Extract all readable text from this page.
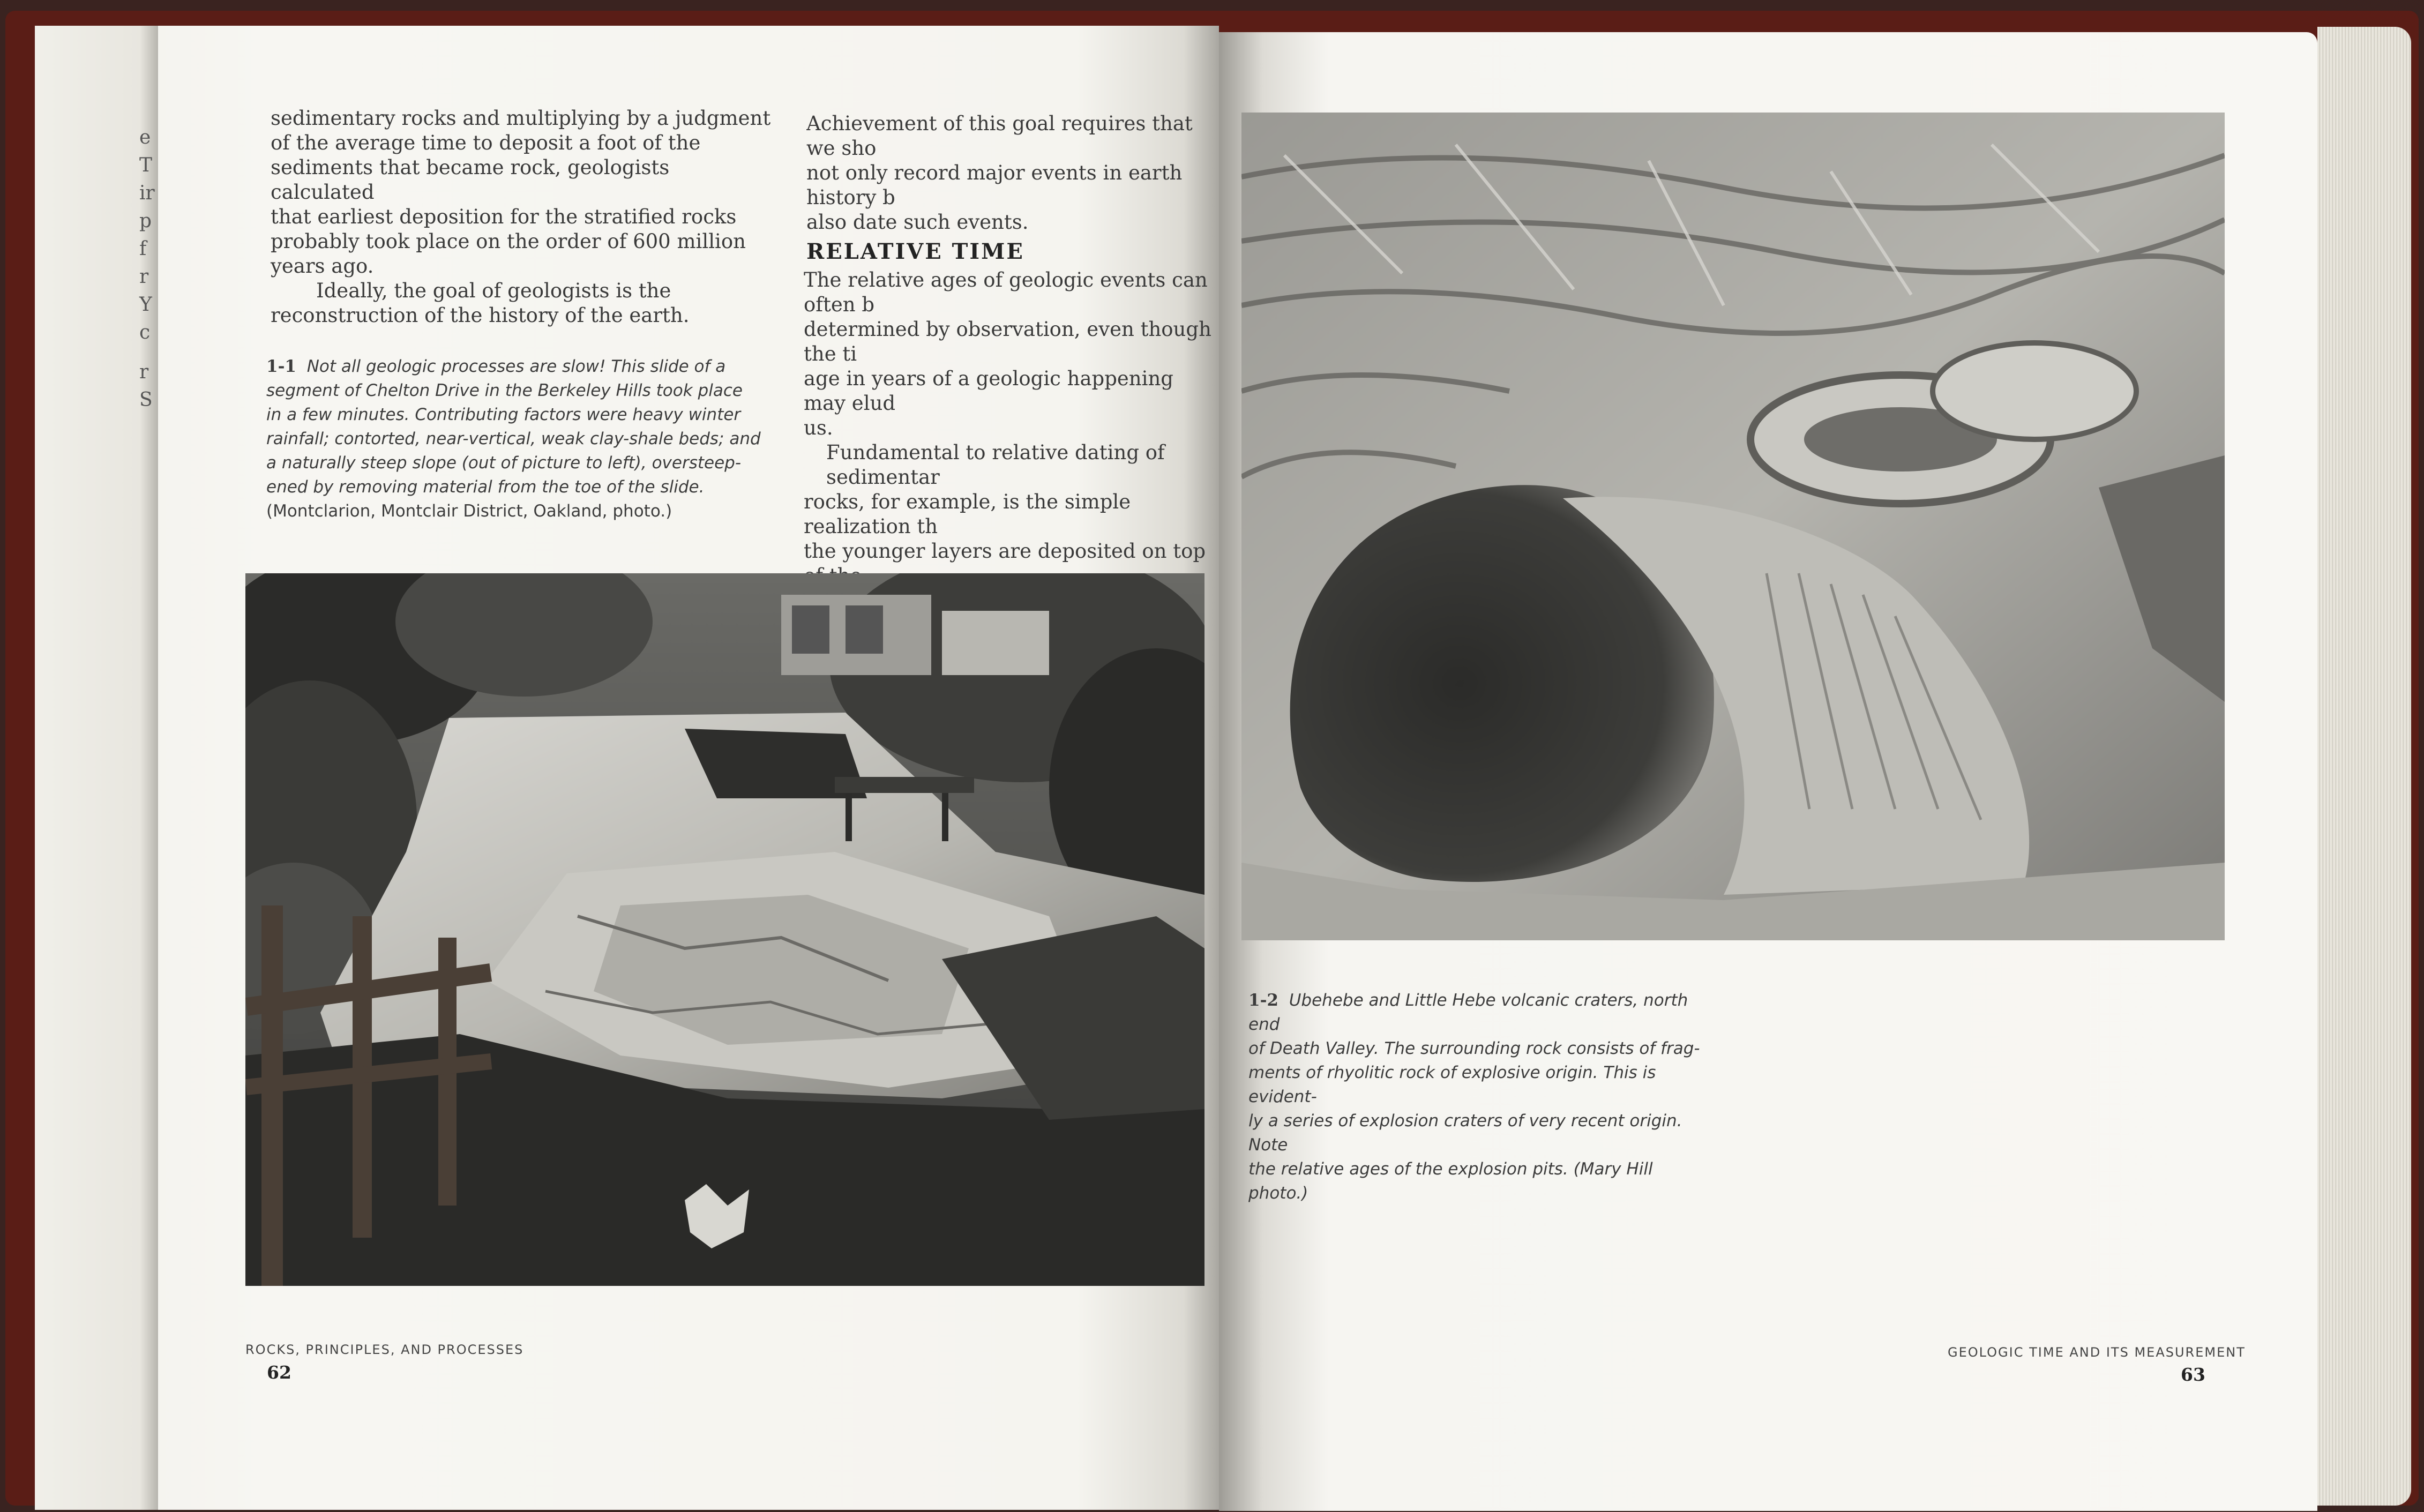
e
T
ir
p
f
r
Y
c
r
S

sedimentary rocks and multiplying by a judgment

of the average time to deposit a foot of the

sediments that became rock, geologists calculated

that earliest deposition for the stratified rocks

probably took place on the order of 600 million

years ago.

Ideally, the goal of geologists is the

reconstruction of the history of the earth.

1-1 Not all geologic processes are slow! This slide of a
segment of Chelton Drive in the Berkeley Hills took place
in a few minutes. Contributing factors were heavy winter
rainfall; contorted, near-vertical, weak clay-shale beds; and
a naturally steep slope (out of picture to left), oversteep-
ened by removing material from the toe of the slide.
(Montclarion, Montclair District, Oakland, photo.)

Achievement of this goal requires that we sho

not only record major events in earth history b

also date such events.

RELATIVE TIME

The relative ages of geologic events can often b

determined by observation, even though the ti

age in years of a geologic happening may elud

us.

Fundamental to relative dating of sedimentar

rocks, for example, is the simple realization th

the younger layers are deposited on top

ROCKS, PRINCIPLES, AND PROCESSES
62
1-2 Ubehebe and Little Hebe volcanic craters, north end
of Death Valley. The surrounding rock consists of frag-
ments of rhyolitic rock of explosive origin. This is evident-
ly a series of explosion craters of very recent origin. Note
the relative ages of the explosion pits. (Mary Hill photo.)
GEOLOGIC TIME AND ITS MEASUREMENT
63
